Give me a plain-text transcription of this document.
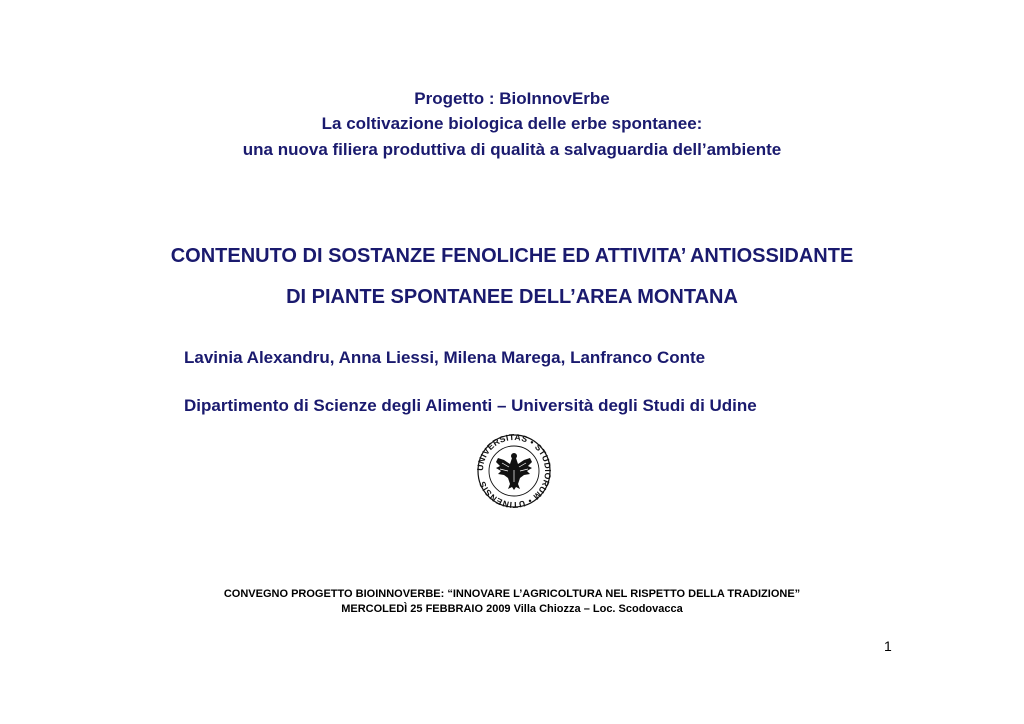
Progetto : BioInnovErbe
La coltivazione biologica delle erbe spontanee:
una nuova filiera produttiva di qualità a salvaguardia dell’ambiente
CONTENUTO DI SOSTANZE FENOLICHE ED ATTIVITA’ ANTIOSSIDANTE
DI PIANTE SPONTANEE DELL’AREA MONTANA
Lavinia Alexandru, Anna Liessi, Milena Marega, Lanfranco Conte
Dipartimento di Scienze degli Alimenti – Università degli Studi di Udine
UNIVERSITAS • STUDIORUM • UTINENSIS
CONVEGNO PROGETTO BIOINNOVERBE: “INNOVARE L’AGRICOLTURA NEL RISPETTO DELLA TRADIZIONE”
MERCOLEDÌ 25 FEBBRAIO 2009 Villa Chiozza – Loc. Scodovacca
1
